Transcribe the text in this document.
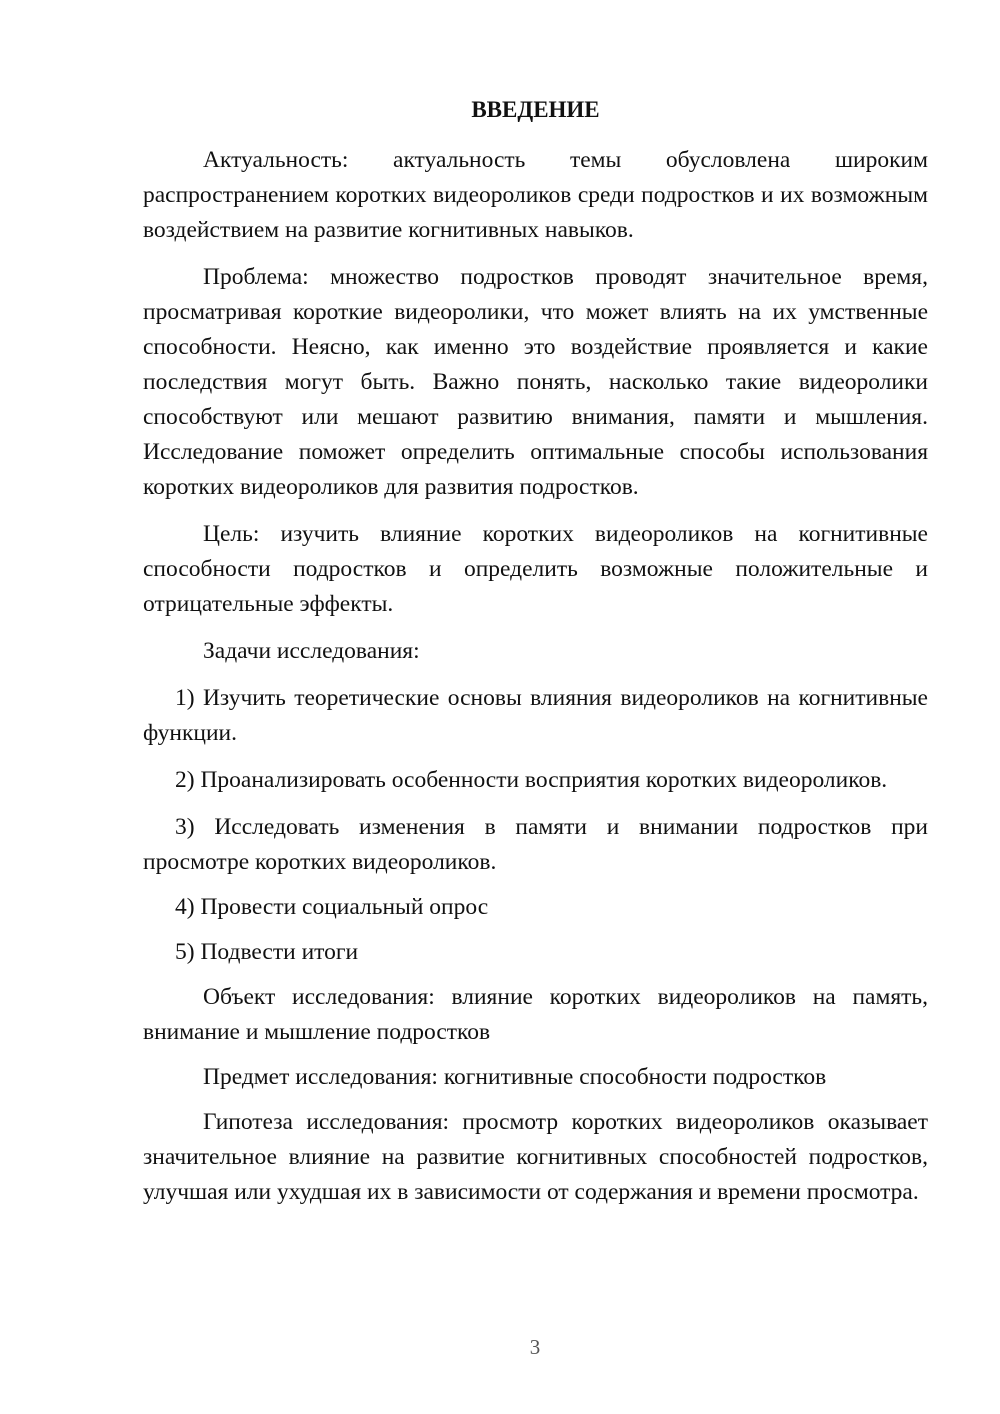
ВВЕДЕНИЕ

Актуальность: актуальность темы обусловлена широким распространением коротких видеороликов среди подростков и их возможным воздействием на развитие когнитивных навыков.

Проблема: множество подростков проводят значительное время, просматривая короткие видеоролики, что может влиять на их умственные способности. Неясно, как именно это воздействие проявляется и какие последствия могут быть. Важно понять, насколько такие видеоролики способствуют или мешают развитию внимания, памяти и мышления. Исследование поможет определить оптимальные способы использования коротких видеороликов для развития подростков.

Цель: изучить влияние коротких видеороликов на когнитивные способности подростков и определить возможные положительные и отрицательные эффекты.

Задачи исследования:

1) Изучить теоретические основы влияния видеороликов на когнитивные функции.

2) Проанализировать особенности восприятия коротких видеороликов.

3) Исследовать изменения в памяти и внимании подростков при просмотре коротких видеороликов.

4) Провести социальный опрос

5) Подвести итоги

Объект исследования: влияние коротких видеороликов на память, внимание и мышление подростков

Предмет исследования: когнитивные способности подростков

Гипотеза исследования: просмотр коротких видеороликов оказывает значительное влияние на развитие когнитивных способностей подростков, улучшая или ухудшая их в зависимости от содержания и времени просмотра.

3
